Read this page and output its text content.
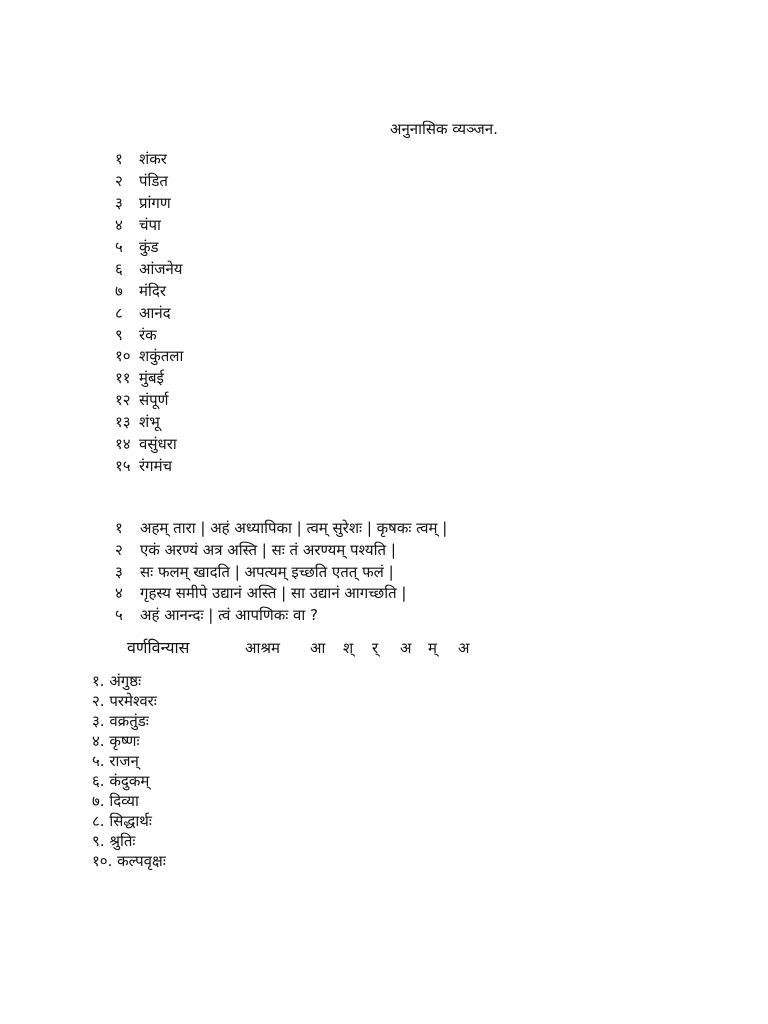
अनुनासिक व्यञ्जन.
१ शंकर
२ पंडित
३ प्रांगण
४ चंपा
५ कुंड
६ आंजनेय
७ मंदिर
८ आनंद
९ रंक
१० शकुंतला
११ मुंबई
१२ संपूर्ण
१३ शंभू
१४ वसुंधरा
१५ रंगमंच
१ अहम् तारा | अहं अध्यापिका | त्वम् सुरेशः | कृषकः त्वम् |
२ एकं अरण्यं अत्र अस्ति | सः तं अरण्यम् पश्यति |
३ सः फलम् खादति | अपत्यम् इच्छति एतत् फलं |
४ गृहस्य समीपे उद्यानं अस्ति | सा उद्यानं आगच्छति |
५ अहं आनन्दः | त्वं आपणिकः वा ?
वर्णविन्यास	आश्रम आ श् र् अ म् अ
१. अंगुष्ठः
२. परमेश्वरः
३. वक्रतुंडः
४. कृष्णः
५. राजन्
६. कंदुकम्
७. दिव्या
८. सिद्धार्थः
९. श्रुतिः
१०. कल्पवृक्षः
